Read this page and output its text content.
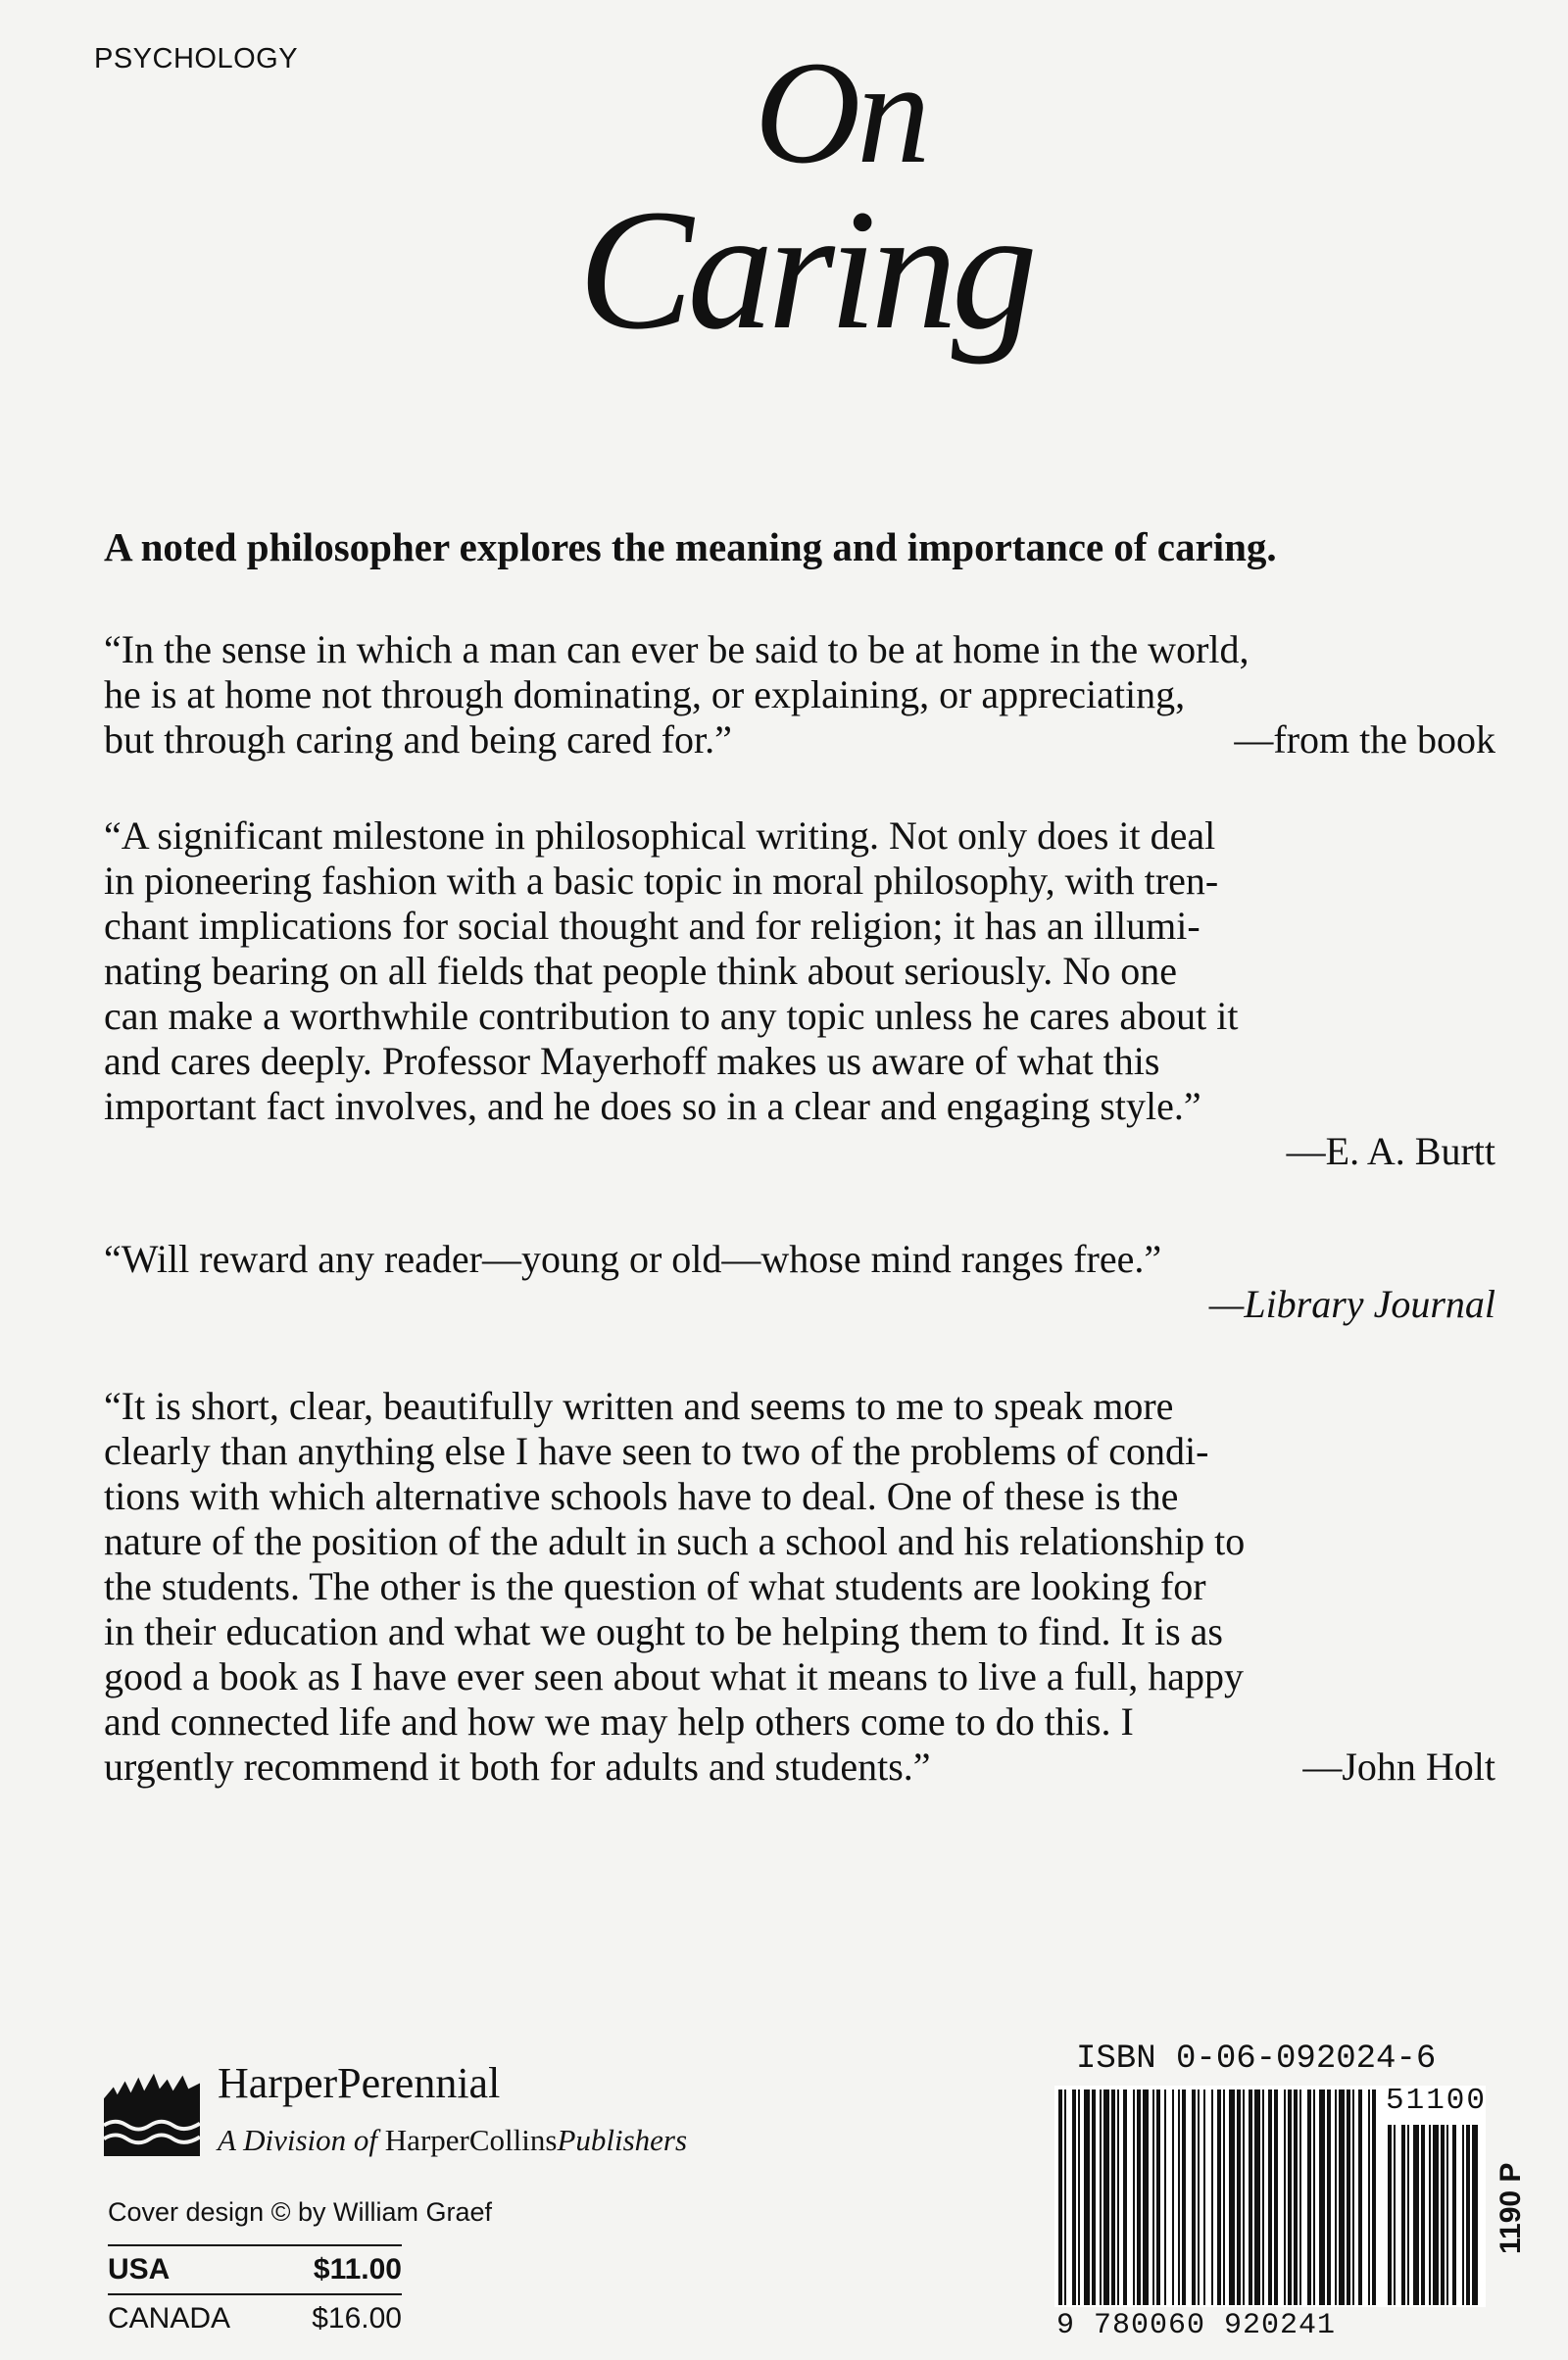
PSYCHOLOGY	On
Caring
A noted philosopher explores the meaning and importance of caring.
“In the sense in which a man can ever be said to be at home in the world,
he is at home not through dominating, or explaining, or appreciating,
but through caring and being cared for.”	—from the book
“A significant milestone in philosophical writing. Not only does it deal
in pioneering fashion with a basic topic in moral philosophy, with tren-
chant implications for social thought and for religion; it has an illumi-
nating bearing on all fields that people think about seriously. No one
can make a worthwhile contribution to any topic unless he cares about it
and cares deeply. Professor Mayerhoff makes us aware of what this
important fact involves, and he does so in a clear and engaging style.”
—E. A. Burtt
“Will reward any reader—young or old—whose mind ranges free.”
—Library Journal
“It is short, clear, beautifully written and seems to me to speak more
clearly than anything else I have seen to two of the problems of condi-
tions with which alternative schools have to deal. One of these is the
nature of the position of the adult in such a school and his relationship to
the students. The other is the question of what students are looking for
in their education and what we ought to be helping them to find. It is as
good a book as I have ever seen about what it means to live a full, happy
and connected life and how we may help others come to do this. I
urgently recommend it both for adults and students.”	—John Holt
HarperPerennial
A Division of HarperCollinsPublishers
Cover design © by William Graef
USA	$11.00
CANADA	$16.00
ISBN 0-06-092024-6
51100
9 780060 920241
1190 P
